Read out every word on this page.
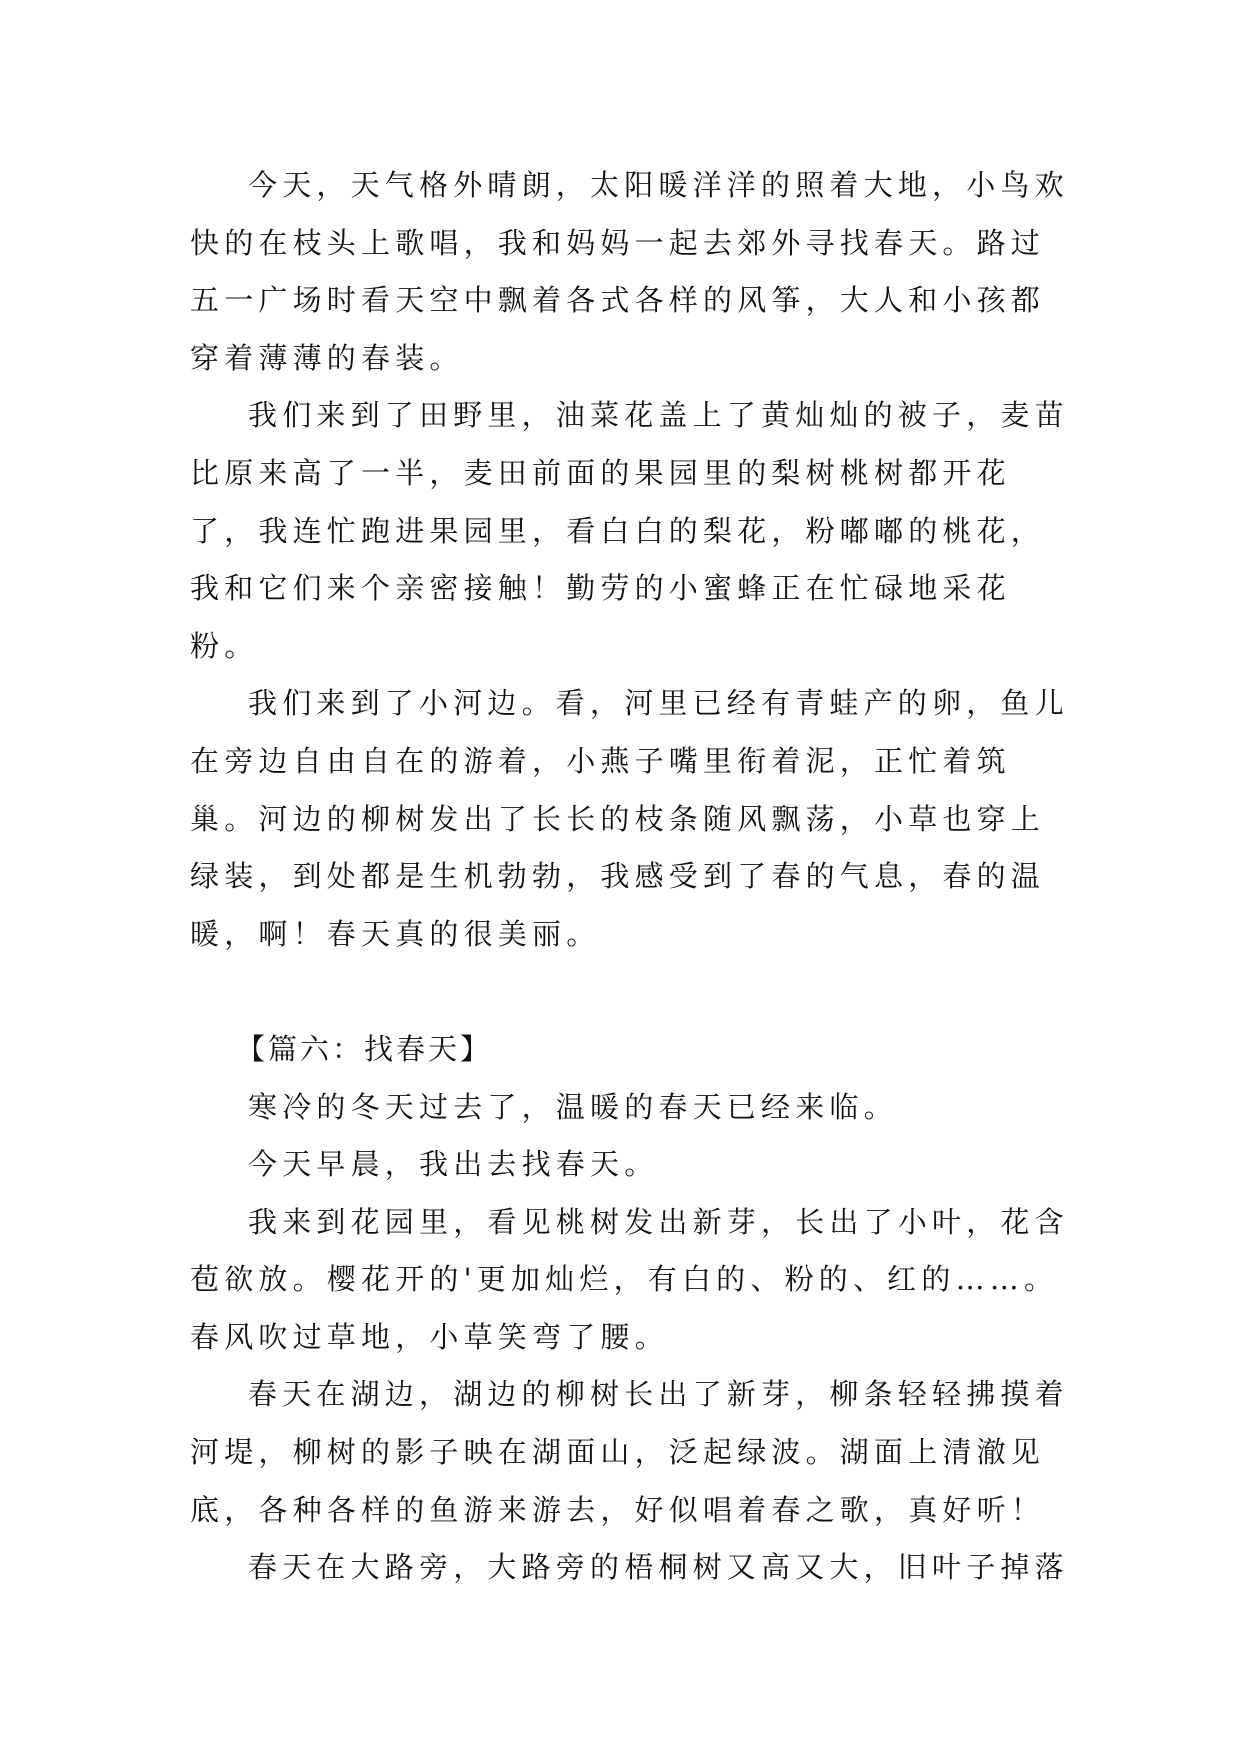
今天，天气格外晴朗，太阳暖洋洋的照着大地，小鸟欢快的在枝头上歌唱，我和妈妈一起去郊外寻找春天。路过五一广场时看天空中飘着各式各样的风筝，大人和小孩都穿着薄薄的春装。

我们来到了田野里，油菜花盖上了黄灿灿的被子，麦苗比原来高了一半，麦田前面的果园里的梨树桃树都开花了，我连忙跑进果园里，看白白的梨花，粉嘟嘟的桃花，我和它们来个亲密接触！勤劳的小蜜蜂正在忙碌地采花粉。

我们来到了小河边。看，河里已经有青蛙产的卵，鱼儿在旁边自由自在的游着，小燕子嘴里衔着泥，正忙着筑巢。河边的柳树发出了长长的枝条随风飘荡，小草也穿上绿装，到处都是生机勃勃，我感受到了春的气息，春的温暖，啊！春天真的很美丽。

【篇六：找春天】

寒冷的冬天过去了，温暖的春天已经来临。

今天早晨，我出去找春天。

我来到花园里，看见桃树发出新芽，长出了小叶，花含苞欲放。樱花开的'更加灿烂，有白的、粉的、红的……。春风吹过草地，小草笑弯了腰。

春天在湖边，湖边的柳树长出了新芽，柳条轻轻拂摸着河堤，柳树的影子映在湖面山，泛起绿波。湖面上清澈见底，各种各样的鱼游来游去，好似唱着春之歌，真好听！

春天在大路旁，大路旁的梧桐树又高又大，旧叶子掉落
